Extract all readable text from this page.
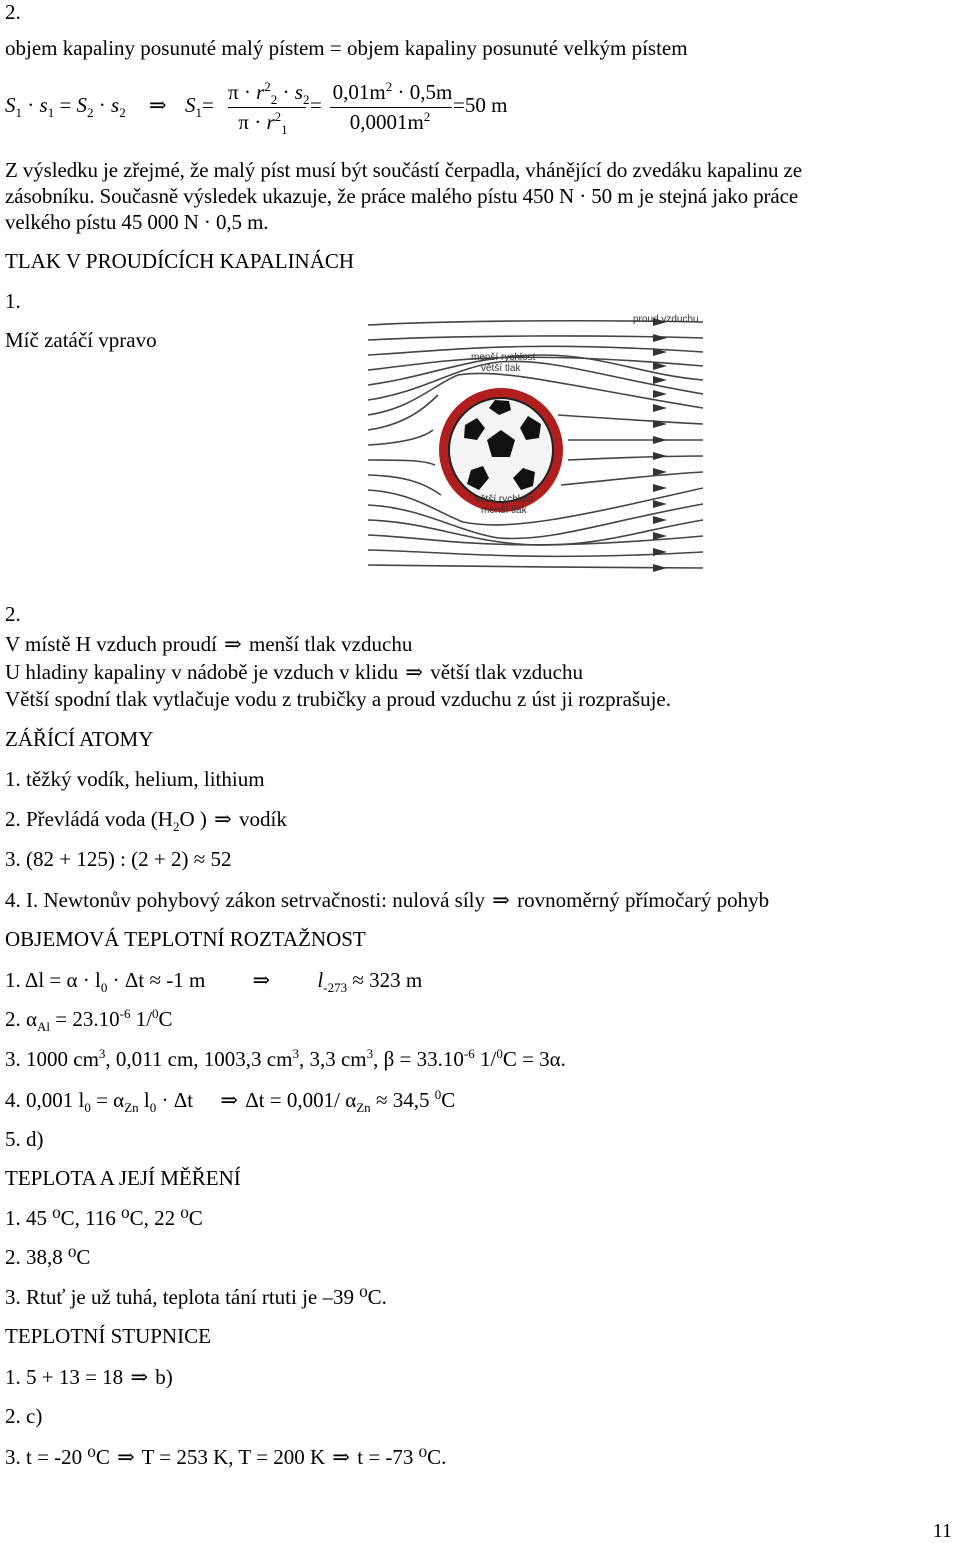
2.
objem kapaliny posunuté malý pístem = objem kapaliny posunuté velkým pístem
$S_1 \cdot s_1 = S_2 \cdot s_2$ ⇒ $S_1=$
$\pi \cdot r^2_2 \cdot s_2$
$\pi \cdot r^2_1$
=
$0,01m^2 \cdot 0,5m$
$0,0001m^2$	=50 m
Z výsledku je zřejmé, že malý píst musí být součástí čerpadla, vhánějící do zvedáku kapalinu ze
zásobníku. Současně výsledek ukazuje, že práce malého pístu 450 N · 50 m je stejná jako práce
velkého pístu 45 000 N · 0,5 m.
TLAK V PROUDÍCÍCH KAPALINÁCH
1.
Míč zatáčí vpravo
proud vzduchu
menší rychlost
větší tlak
větší rychlost
menší tlak
2.
V místě H vzduch proudí ⇒ menší tlak vzduchu
U hladiny kapaliny v nádobě je vzduch v klidu ⇒ větší tlak vzduchu
Větší spodní tlak vytlačuje vodu z trubičky a proud vzduchu z úst ji rozprašuje.
ZÁŘÍCÍ ATOMY
1. těžký vodík, helium, lithium
2. Převládá voda ($H_2O$ ) ⇒ vodík
3. (82 + 125) : (2 + 2) ≈ 52
4. I. Newtonův pohybový zákon setrvačnosti: nulová síly ⇒ rovnoměrný přímočarý pohyb
OBJEMOVÁ TEPLOTNÍ ROZTAŽNOST
1. $\Delta l = \alpha \cdot l_0 \cdot \Delta t \approx -1$ m ⇒ $l_{-273} \approx 323$ m
2. $\alpha_{Al} = 23.10^{-6}$ 1/$^0$C
3. 1000 $cm^3$, 0,011 cm, 1003,3 $cm^3$, 3,3 $cm^3$, $\beta = 33.10^{-6}$ 1/$^0$C = 3α.
4. 0,001 $l_0 = \alpha_{Zn}$ $l_0 \cdot \Delta t$ ⇒ Δt = 0,001/ $\alpha_{Zn} \approx 34,5$ $^0$C
5. d)
TEPLOTA A JEJÍ MĚŘENÍ
1. 45 ⁰C, 116 ⁰C, 22 ⁰C
2. 38,8 ⁰C
3. Rtuť je už tuhá, teplota tání rtuti je –39 ⁰C.
TEPLOTNÍ STUPNICE
1. 5 + 13 = 18 ⇒ b)
2. c)
3. t = -20 ⁰C ⇒ T = 253 K, T = 200 K ⇒ t = -73 ⁰C.
11
